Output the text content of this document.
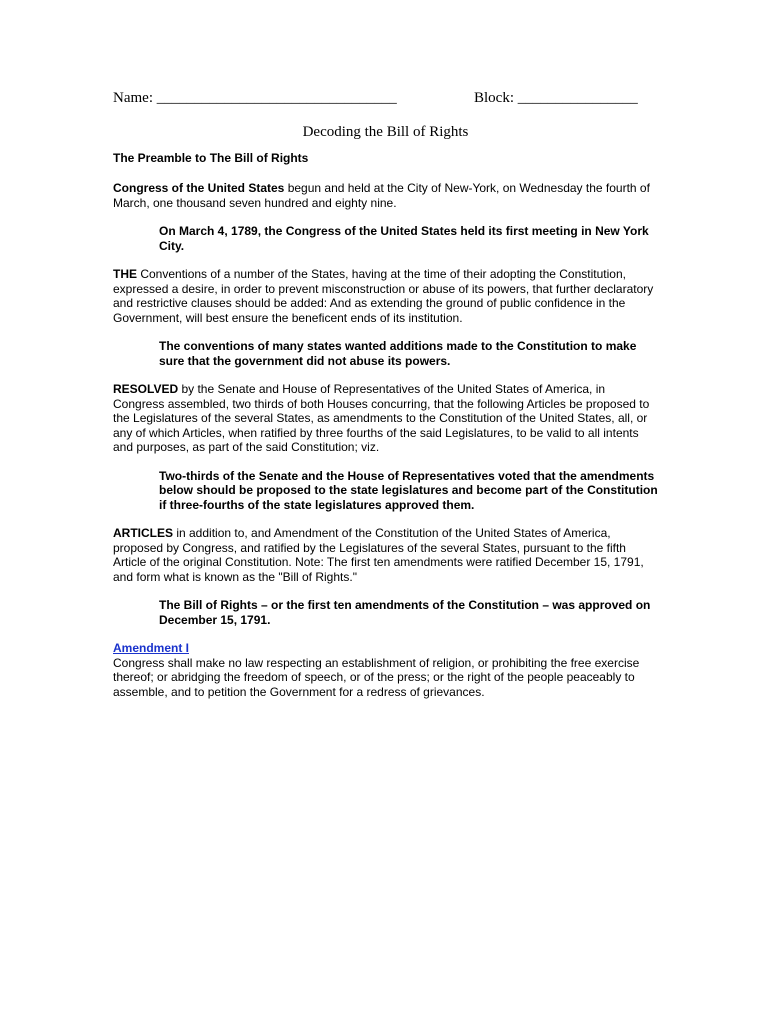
Name: ________________________________	Block: ________________
Decoding the Bill of Rights
The Preamble to The Bill of Rights

Congress of the United States begun and held at the City of New-York, on Wednesday the fourth of March, one thousand seven hundred and eighty nine.

On March 4, 1789, the Congress of the United States held its first meeting in New York City.

THE Conventions of a number of the States, having at the time of their adopting the Constitution, expressed a desire, in order to prevent misconstruction or abuse of its powers, that further declaratory and restrictive clauses should be added: And as extending the ground of public confidence in the Government, will best ensure the beneficent ends of its institution.

The conventions of many states wanted additions made to the Constitution to make sure that the government did not abuse its powers.

RESOLVED by the Senate and House of Representatives of the United States of America, in Congress assembled, two thirds of both Houses concurring, that the following Articles be proposed to the Legislatures of the several States, as amendments to the Constitution of the United States, all, or any of which Articles, when ratified by three fourths of the said Legislatures, to be valid to all intents and purposes, as part of the said Constitution; viz.

Two-thirds of the Senate and the House of Representatives voted that the amendments below should be proposed to the state legislatures and become part of the Constitution if three-fourths of the state legislatures approved them.

ARTICLES in addition to, and Amendment of the Constitution of the United States of America, proposed by Congress, and ratified by the Legislatures of the several States, pursuant to the fifth Article of the original Constitution. Note: The first ten amendments were ratified December 15, 1791, and form what is known as the "Bill of Rights."

The Bill of Rights – or the first ten amendments of the Constitution – was approved on December 15, 1791.

Amendment I

Congress shall make no law respecting an establishment of religion, or prohibiting the free exercise thereof; or abridging the freedom of speech, or of the press; or the right of the people peaceably to assemble, and to petition the Government for a redress of grievances.
